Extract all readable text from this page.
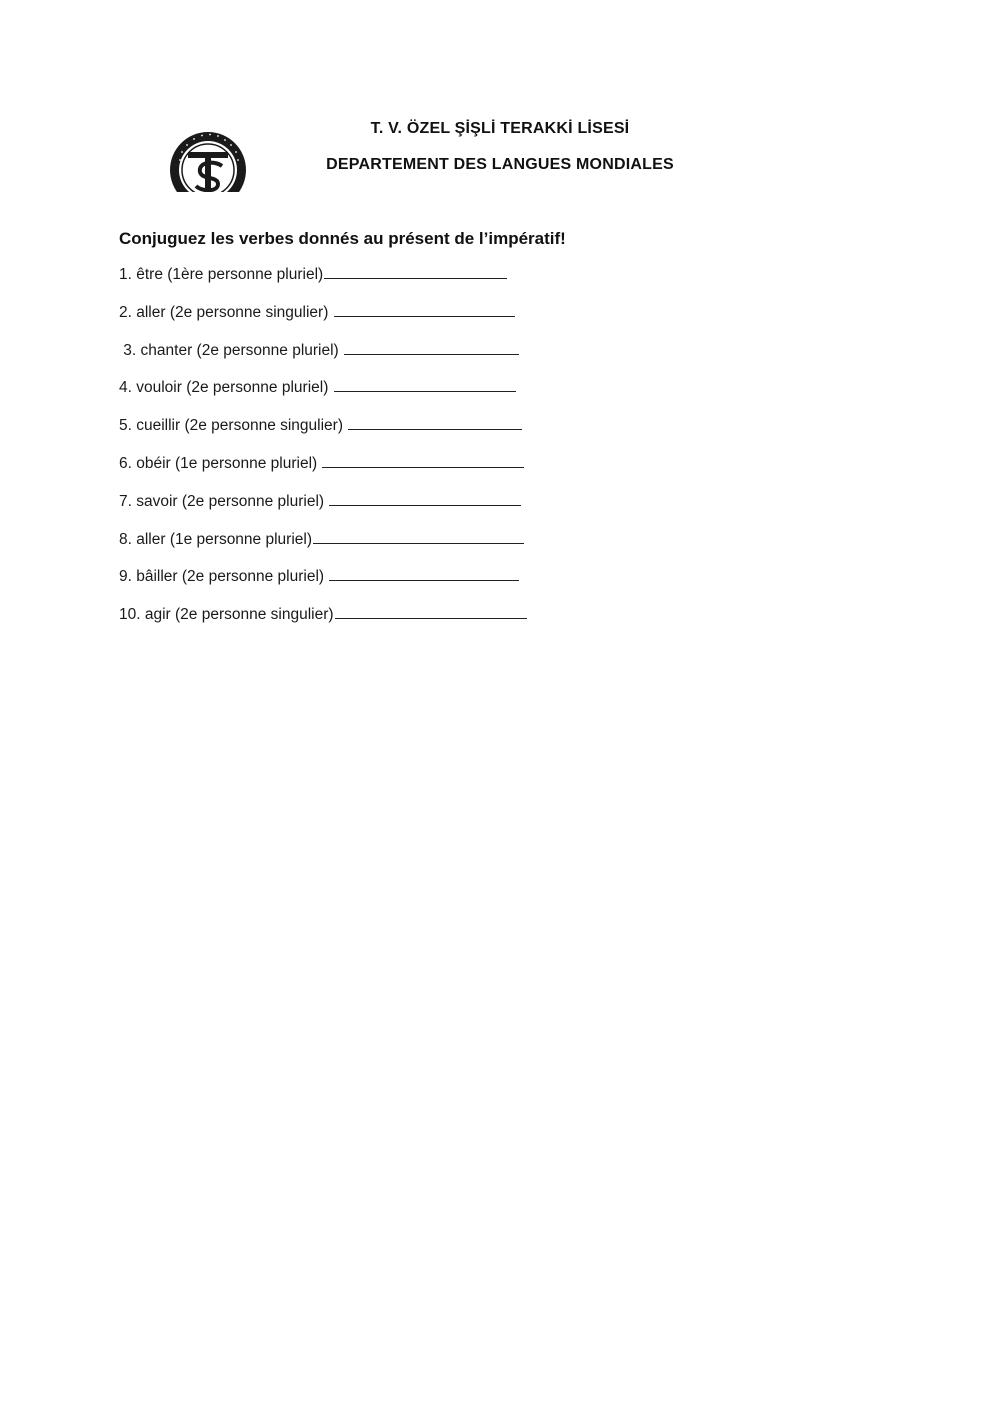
T. V. ÖZEL ŞİŞLİ TERAKKİ LİSESİ
DEPARTEMENT DES LANGUES MONDIALES
Conjuguez les verbes donnés au présent de l’impératif!
1. être (1ère personne pluriel)
2. aller (2e personne singulier)
3. chanter (2e personne pluriel)
4. vouloir (2e personne pluriel)
5. cueillir (2e personne singulier)
6. obéir (1e personne pluriel)
7. savoir (2e personne pluriel)
8. aller (1e personne pluriel)
9. bâiller (2e personne pluriel)
10. agir (2e personne singulier)
